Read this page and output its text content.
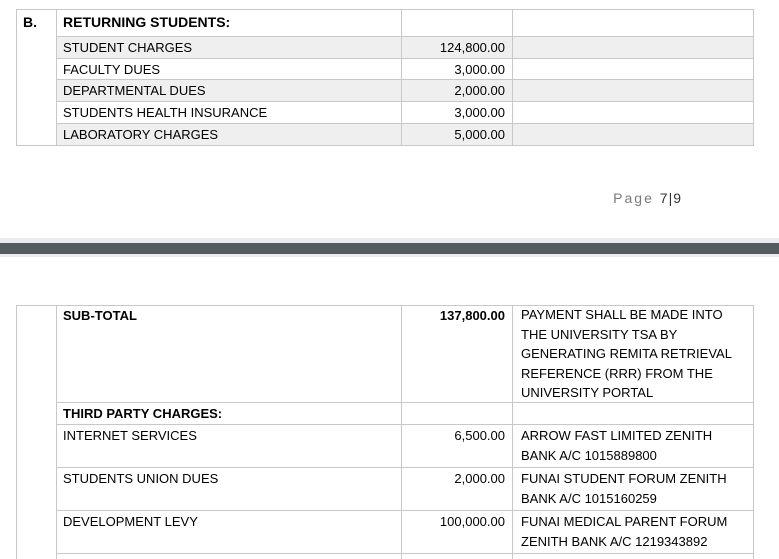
B. RETURNING STUDENTS:
STUDENT CHARGES	124,800.00
FACULTY DUES	3,000.00
DEPARTMENTAL DUES	2,000.00
STUDENTS HEALTH INSURANCE	3,000.00
LABORATORY CHARGES	5,000.00
Page 7|9
SUB-TOTAL	137,800.00 PAYMENT SHALL BE MADE INTO THE UNIVERSITY TSA BY GENERATING REMITA RETRIEVAL REFERENCE (RRR) FROM THE UNIVERSITY PORTAL
THIRD PARTY CHARGES:
INTERNET SERVICES	6,500.00 ARROW FAST LIMITED ZENITH BANK A/C 1015889800
STUDENTS UNION DUES	2,000.00 FUNAI STUDENT FORUM ZENITH BANK A/C 1015160259
DEVELOPMENT LEVY	100,000.00 FUNAI MEDICAL PARENT FORUM ZENITH BANK A/C 1219343892
